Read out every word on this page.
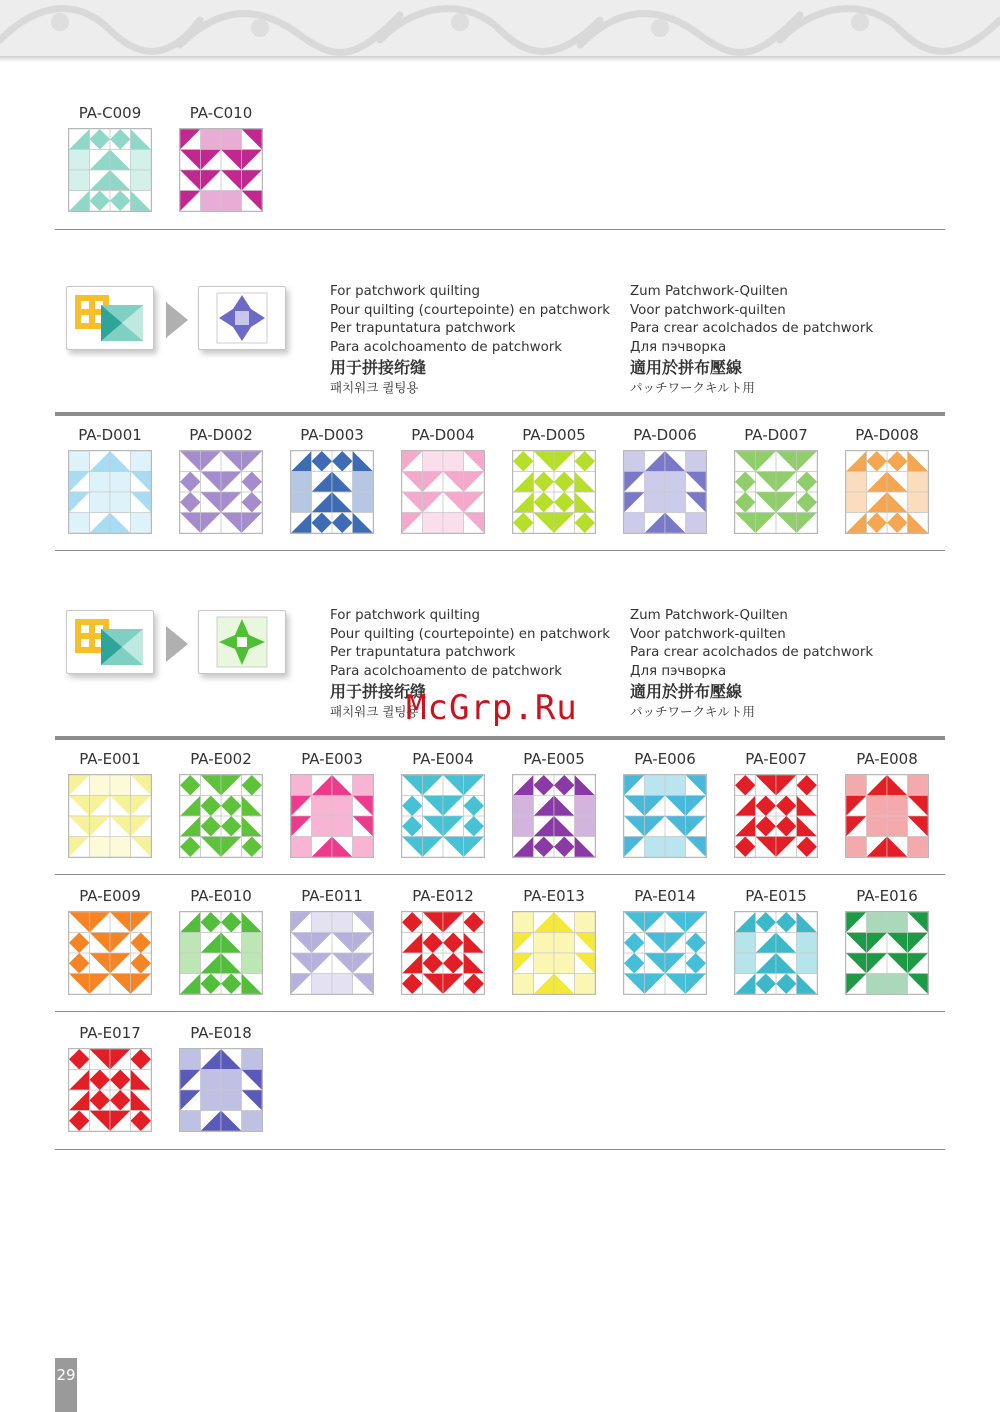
PA-C009	PA-C010
For patchwork quilting
Pour quilting (courtepointe) en patchwork
Per trapuntatura patchwork
Para acolchoamento de patchwork
用于拼接绗缝
패치워크 퀼팅용
Zum Patchwork-Quilten
Voor patchwork-quilten
Para crear acolchados de patchwork
Для пэчворка
適用於拼布壓線
パッチワークキルト用
PA-D001	PA-D002	PA-D003	PA-D004	PA-D005	PA-D006	PA-D007	PA-D008
For patchwork quilting
Pour quilting (courtepointe) en patchwork
Per trapuntatura patchwork
Para acolchoamento de patchwork
用于拼接绗缝
패치워크 퀼팅용
Zum Patchwork-Quilten
Voor patchwork-quilten
Para crear acolchados de patchwork
Для пэчворка
適用於拼布壓線
パッチワークキルト用
McGrp.Ru
PA-E001	PA-E002	PA-E003	PA-E004	PA-E005	PA-E006	PA-E007	PA-E008
PA-E009	PA-E010	PA-E011	PA-E012	PA-E013	PA-E014	PA-E015	PA-E016
PA-E017	PA-E018
29
